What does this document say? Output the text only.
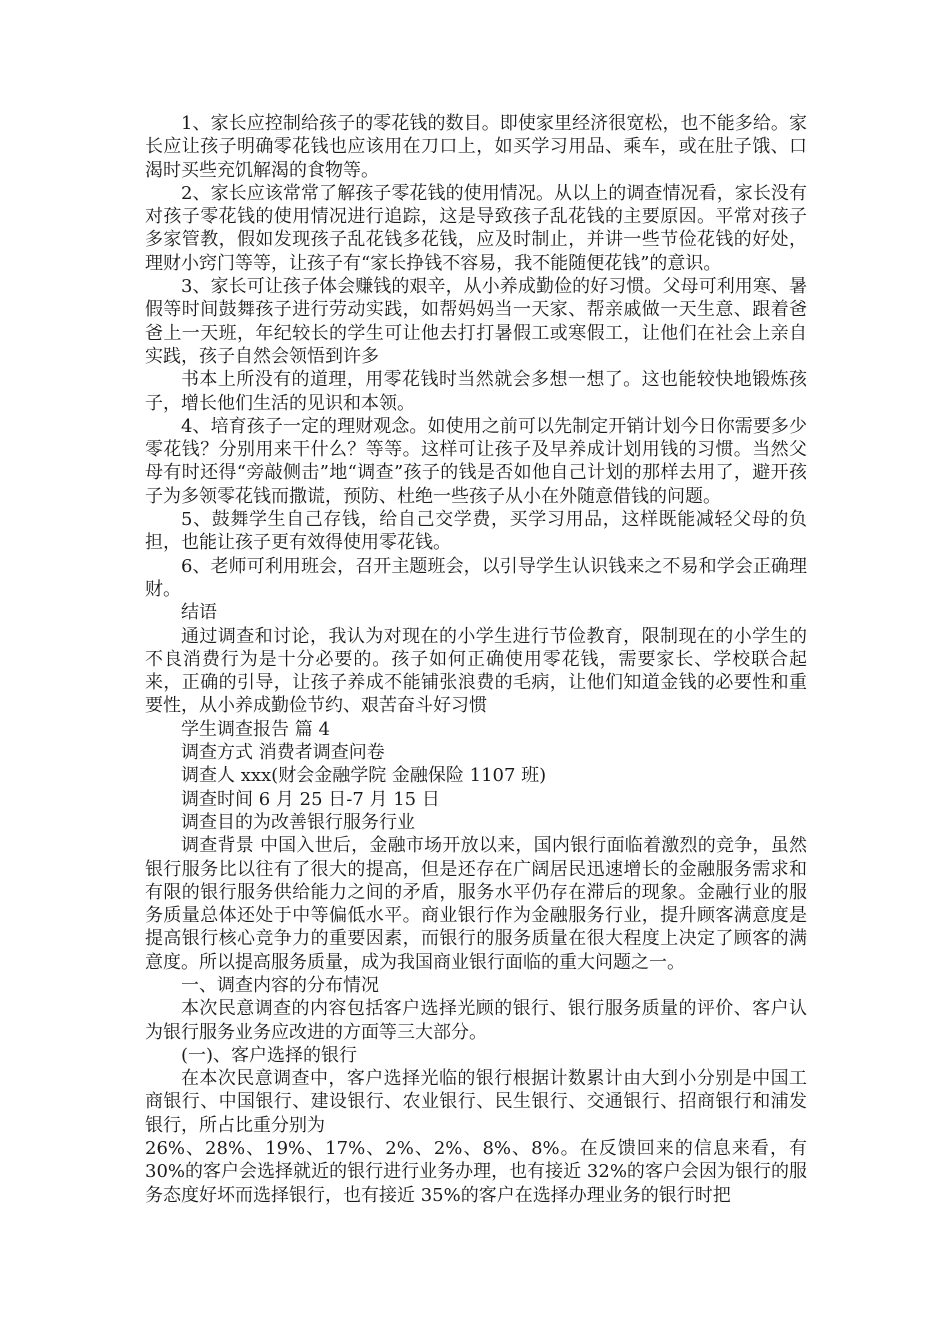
1、家长应控制给孩子的零花钱的数目。即使家里经济很宽松，也不能多给。家长应让孩子明确零花钱也应该用在刀口上，如买学习用品、乘车，或在肚子饿、口渴时买些充饥解渴的食物等。

2、家长应该常常了解孩子零花钱的使用情况。从以上的调查情况看，家长没有对孩子零花钱的使用情况进行追踪，这是导致孩子乱花钱的主要原因。平常对孩子多家管教，假如发现孩子乱花钱多花钱，应及时制止，并讲一些节俭花钱的好处，理财小窍门等等，让孩子有“家长挣钱不容易，我不能随便花钱”的意识。

3、家长可让孩子体会赚钱的艰辛，从小养成勤俭的好习惯。父母可利用寒、暑假等时间鼓舞孩子进行劳动实践，如帮妈妈当一天家、帮亲戚做一天生意、跟着爸爸上一天班，年纪较长的学生可让他去打打暑假工或寒假工，让他们在社会上亲自实践，孩子自然会领悟到许多

书本上所没有的道理，用零花钱时当然就会多想一想了。这也能较快地锻炼孩子，增长他们生活的见识和本领。

4、培育孩子一定的理财观念。如使用之前可以先制定开销计划今日你需要多少零花钱？分别用来干什么？等等。这样可让孩子及早养成计划用钱的习惯。当然父母有时还得“旁敲侧击”地“调查”孩子的钱是否如他自己计划的那样去用了，避开孩子为多领零花钱而撒谎，预防、杜绝一些孩子从小在外随意借钱的问题。

5、鼓舞学生自己存钱，给自己交学费，买学习用品，这样既能减轻父母的负担，也能让孩子更有效得使用零花钱。

6、老师可利用班会，召开主题班会，以引导学生认识钱来之不易和学会正确理财。

结语

通过调查和讨论，我认为对现在的小学生进行节俭教育，限制现在的小学生的不良消费行为是十分必要的。孩子如何正确使用零花钱，需要家长、学校联合起来，正确的引导，让孩子养成不能铺张浪费的毛病，让他们知道金钱的必要性和重要性，从小养成勤俭节约、艰苦奋斗好习惯

学生调查报告 篇 4

调查方式 消费者调查问卷

调查人 xxx(财会金融学院 金融保险 1107 班)

调查时间 6 月 25 日-7 月 15 日

调查目的为改善银行服务行业

调查背景 中国入世后，金融市场开放以来，国内银行面临着激烈的竞争，虽然银行服务比以往有了很大的提高，但是还存在广阔居民迅速增长的金融服务需求和有限的银行服务供给能力之间的矛盾，服务水平仍存在滞后的现象。金融行业的服务质量总体还处于中等偏低水平。商业银行作为金融服务行业，提升顾客满意度是提高银行核心竞争力的重要因素，而银行的服务质量在很大程度上决定了顾客的满意度。所以提高服务质量，成为我国商业银行面临的重大问题之一。

一、调查内容的分布情况

本次民意调查的内容包括客户选择光顾的银行、银行服务质量的评价、客户认为银行服务业务应改进的方面等三大部分。

(一)、客户选择的银行

在本次民意调查中，客户选择光临的银行根据计数累计由大到小分别是中国工商银行、中国银行、建设银行、农业银行、民生银行、交通银行、招商银行和浦发银行，所占比重分别为

26%、28%、19%、17%、2%、2%、8%、8%。在反馈回来的信息来看，有 30%的客户会选择就近的银行进行业务办理，也有接近 32%的客户会因为银行的服务态度好坏而选择银行，也有接近 35%的客户在选择办理业务的银行时把
